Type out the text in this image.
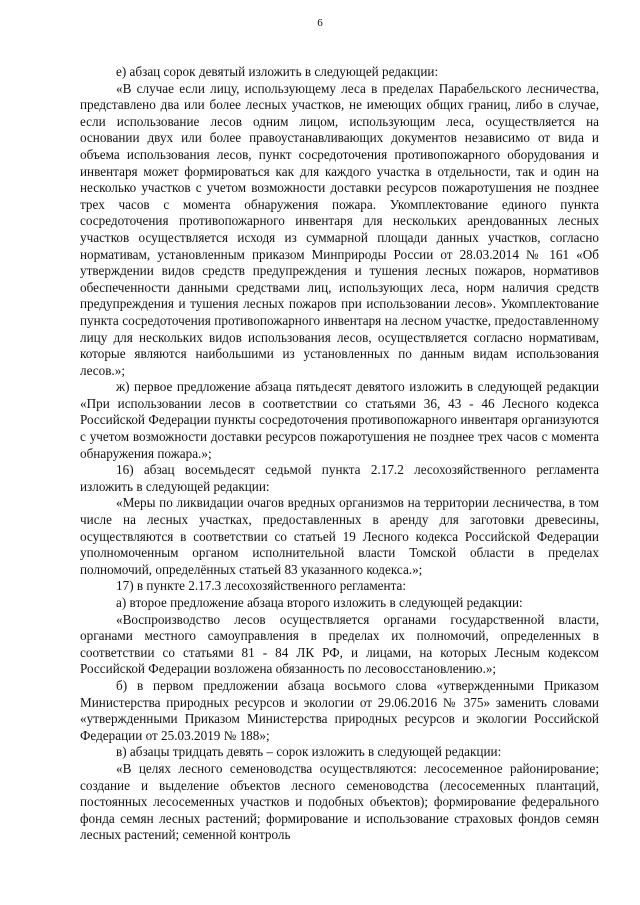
6

е) абзац сорок девятый изложить в следующей редакции:

«В случае если лицу, использующему леса в пределах Парабельского лесничества, представлено два или более лесных участков, не имеющих общих границ, либо в случае, если использование лесов одним лицом, использующим леса, осуществляется на основании двух или более правоустанавливающих документов независимо от вида и объема использования лесов, пункт сосредоточения противопожарного оборудования и инвентаря может формироваться как для каждого участка в отдельности, так и один на несколько участков с учетом возможности доставки ресурсов пожаротушения не позднее трех часов с момента обнаружения пожара. Укомплектование единого пункта сосредоточения противопожарного инвентаря для нескольких арендованных лесных участков осуществляется исходя из суммарной площади данных участков, согласно нормативам, установленным приказом Минприроды России от 28.03.2014 № 161 «Об утверждении видов средств предупреждения и тушения лесных пожаров, нормативов обеспеченности данными средствами лиц, использующих леса, норм наличия средств предупреждения и тушения лесных пожаров при использовании лесов». Укомплектование пункта сосредоточения противопожарного инвентаря на лесном участке, предоставленному лицу для нескольких видов использования лесов, осуществляется согласно нормативам, которые являются наибольшими из установленных по данным видам использования лесов.»;

ж) первое предложение абзаца пятьдесят девятого изложить в следующей редакции «При использовании лесов в соответствии со статьями 36, 43 - 46 Лесного кодекса Российской Федерации пункты сосредоточения противопожарного инвентаря организуются с учетом возможности доставки ресурсов пожаротушения не позднее трех часов с момента обнаружения пожара.»;

16) абзац восемьдесят седьмой пункта 2.17.2 лесохозяйственного регламента изложить в следующей редакции:

«Меры по ликвидации очагов вредных организмов на территории лесничества, в том числе на лесных участках, предоставленных в аренду для заготовки древесины, осуществляются в соответствии со статьей 19 Лесного кодекса Российской Федерации уполномоченным органом исполнительной власти Томской области в пределах полномочий, определённых статьей 83 указанного кодекса.»;

17) в пункте 2.17.3 лесохозяйственного регламента:

а) второе предложение абзаца второго изложить в следующей редакции:

«Воспроизводство лесов осуществляется органами государственной власти, органами местного самоуправления в пределах их полномочий, определенных в соответствии со статьями 81 - 84 ЛК РФ, и лицами, на которых Лесным кодексом Российской Федерации возложена обязанность по лесовосстановлению.»;

б) в первом предложении абзаца восьмого слова «утвержденными Приказом Министерства природных ресурсов и экологии от 29.06.2016 № 375» заменить словами «утвержденными Приказом Министерства природных ресурсов и экологии Российской Федерации от 25.03.2019 № 188»;

в) абзацы тридцать девять – сорок изложить в следующей редакции:

«В целях лесного семеноводства осуществляются: лесосеменное районирование; создание и выделение объектов лесного семеноводства (лесосеменных плантаций, постоянных лесосеменных участков и подобных объектов); формирование федерального фонда семян лесных растений; формирование и использование страховых фондов семян лесных растений; семенной контроль
